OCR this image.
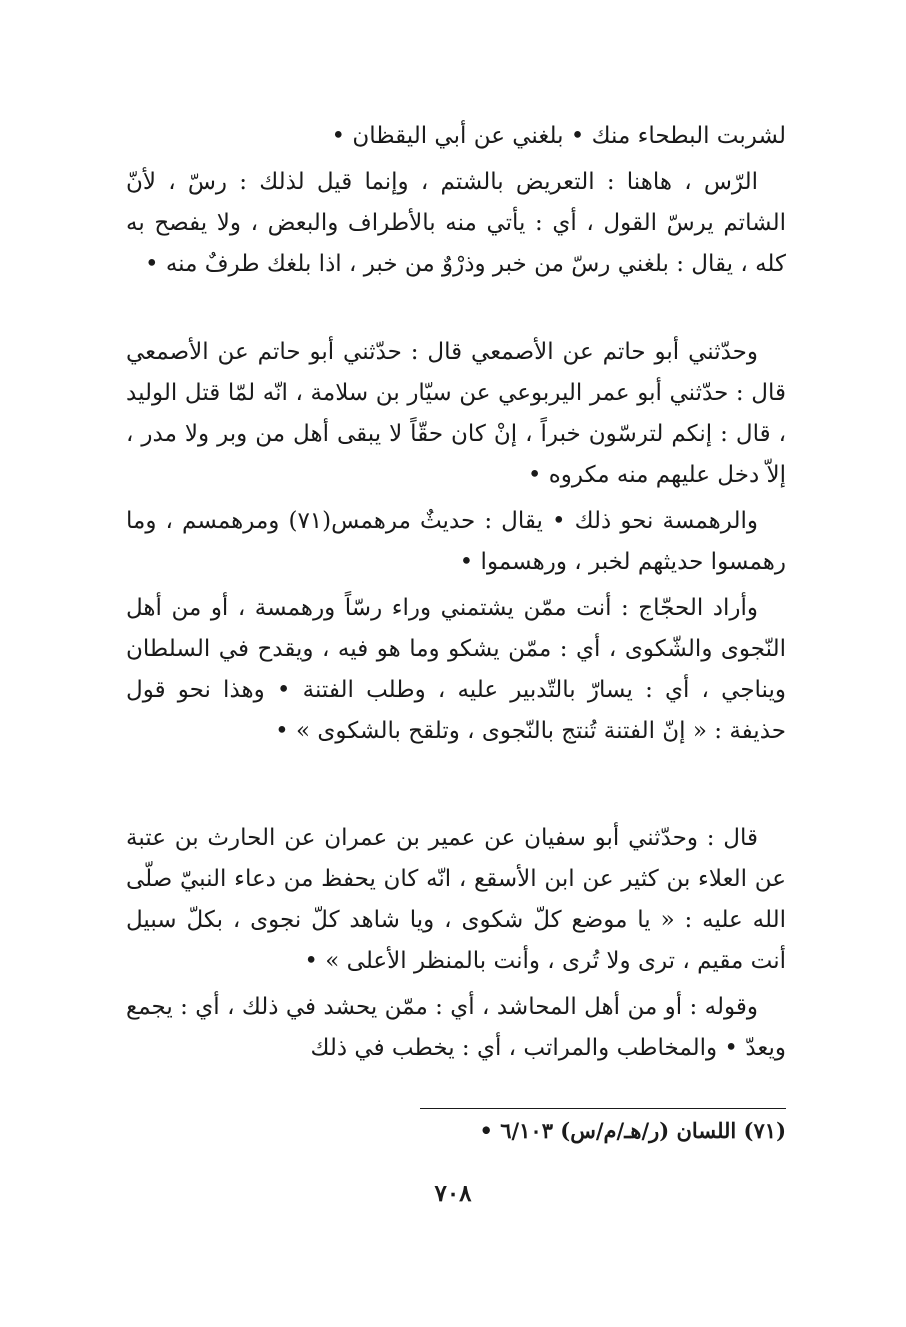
لشربت البطحاء منك • بلغني عن أبي اليقظان •

الرّس ، هاهنا : التعريض بالشتم ، وإنما قيل لذلك : رسّ ، لأنّ الشاتم يرسّ القول ، أي : يأتي منه بالأطراف والبعض ، ولا يفصح به كله ، يقال : بلغني رسّ من خبر وذرْوٌ من خبر ، اذا بلغك طرفٌ منه •

وحدّثني أبو حاتم عن الأصمعي قال : حدّثني أبو حاتم عن الأصمعي قال : حدّثني أبو عمر اليربوعي عن سيّار بن سلامة ، انّه لمّا قتل الوليد ، قال : إنكم لترسّون خبراً ، إنْ كان حقّاً لا يبقى أهل من وبر ولا مدر ، إلاّ دخل عليهم منه مكروه •

والرهمسة نحو ذلك • يقال : حديثٌ مرهمس(٧١) ومرهمسم ، وما رهمسوا حديثهم لخبر ، ورهسموا •

وأراد الحجّاج : أنت ممّن يشتمني وراء رسّاً ورهمسة ، أو من أهل النّجوى والشّكوى ، أي : ممّن يشكو وما هو فيه ، ويقدح في السلطان ويناجي ، أي : يسارّ بالتّدبير عليه ، وطلب الفتنة • وهذا نحو قول حذيفة : « إنّ الفتنة تُنتج بالنّجوى ، وتلقح بالشكوى » •

قال : وحدّثني أبو سفيان عن عمير بن عمران عن الحارث بن عتبة عن العلاء بن كثير عن ابن الأسقع ، انّه كان يحفظ من دعاء النبيّ صلّى الله عليه : « يا موضع كلّ شكوى ، ويا شاهد كلّ نجوى ، بكلّ سبيل أنت مقيم ، ترى ولا تُرى ، وأنت بالمنظر الأعلى » •

وقوله : أو من أهل المحاشد ، أي : ممّن يحشد في ذلك ، أي : يجمع ويعدّ • والمخاطب والمراتب ، أي : يخطب في ذلك

(٧١) اللسان (ر/هـ/م/س) ٦/١٠٣ •
٧٠٨
